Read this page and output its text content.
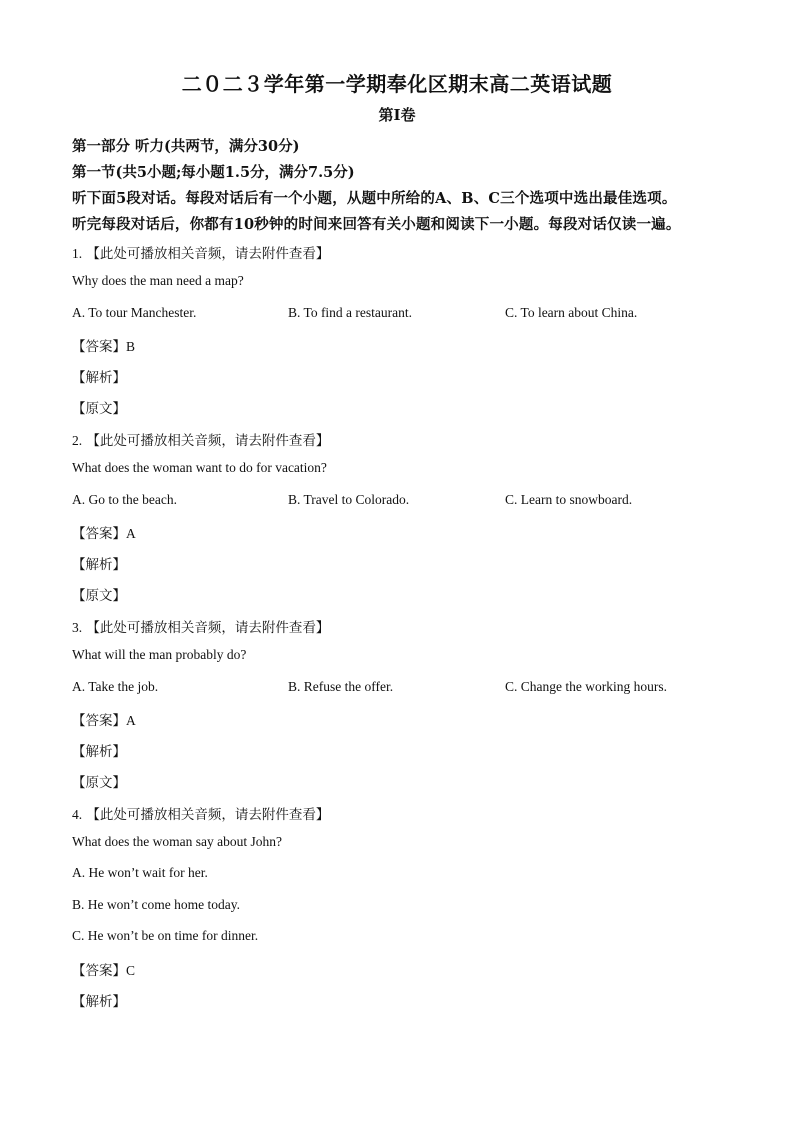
二０二３学年第一学期奉化区期末高二英语试题
第Ⅰ卷
第一部分 听力(共两节，满分30分)
第一节(共5小题;每小题1.5分，满分7.5分)
听下面5段对话。每段对话后有一个小题，从题中所给的A、B、C三个选项中选出最佳选项。
听完每段对话后，你都有10秒钟的时间来回答有关小题和阅读下一小题。每段对话仅读一遍。
1. 【此处可播放相关音频，请去附件查看】
Why does the man need a map?
A. To tour Manchester.	B. To find a restaurant.	C. To learn about China.
【答案】B
【解析】
【原文】
2. 【此处可播放相关音频，请去附件查看】
What does the woman want to do for vacation?
A. Go to the beach.	B. Travel to Colorado.	C. Learn to snowboard.
【答案】A
【解析】
【原文】
3. 【此处可播放相关音频，请去附件查看】
What will the man probably do?
A. Take the job.	B. Refuse the offer.	C. Change the working hours.
【答案】A
【解析】
【原文】
4. 【此处可播放相关音频，请去附件查看】
What does the woman say about John?
A. He won’t wait for her.
B. He won’t come home today.
C. He won’t be on time for dinner.
【答案】C
【解析】
